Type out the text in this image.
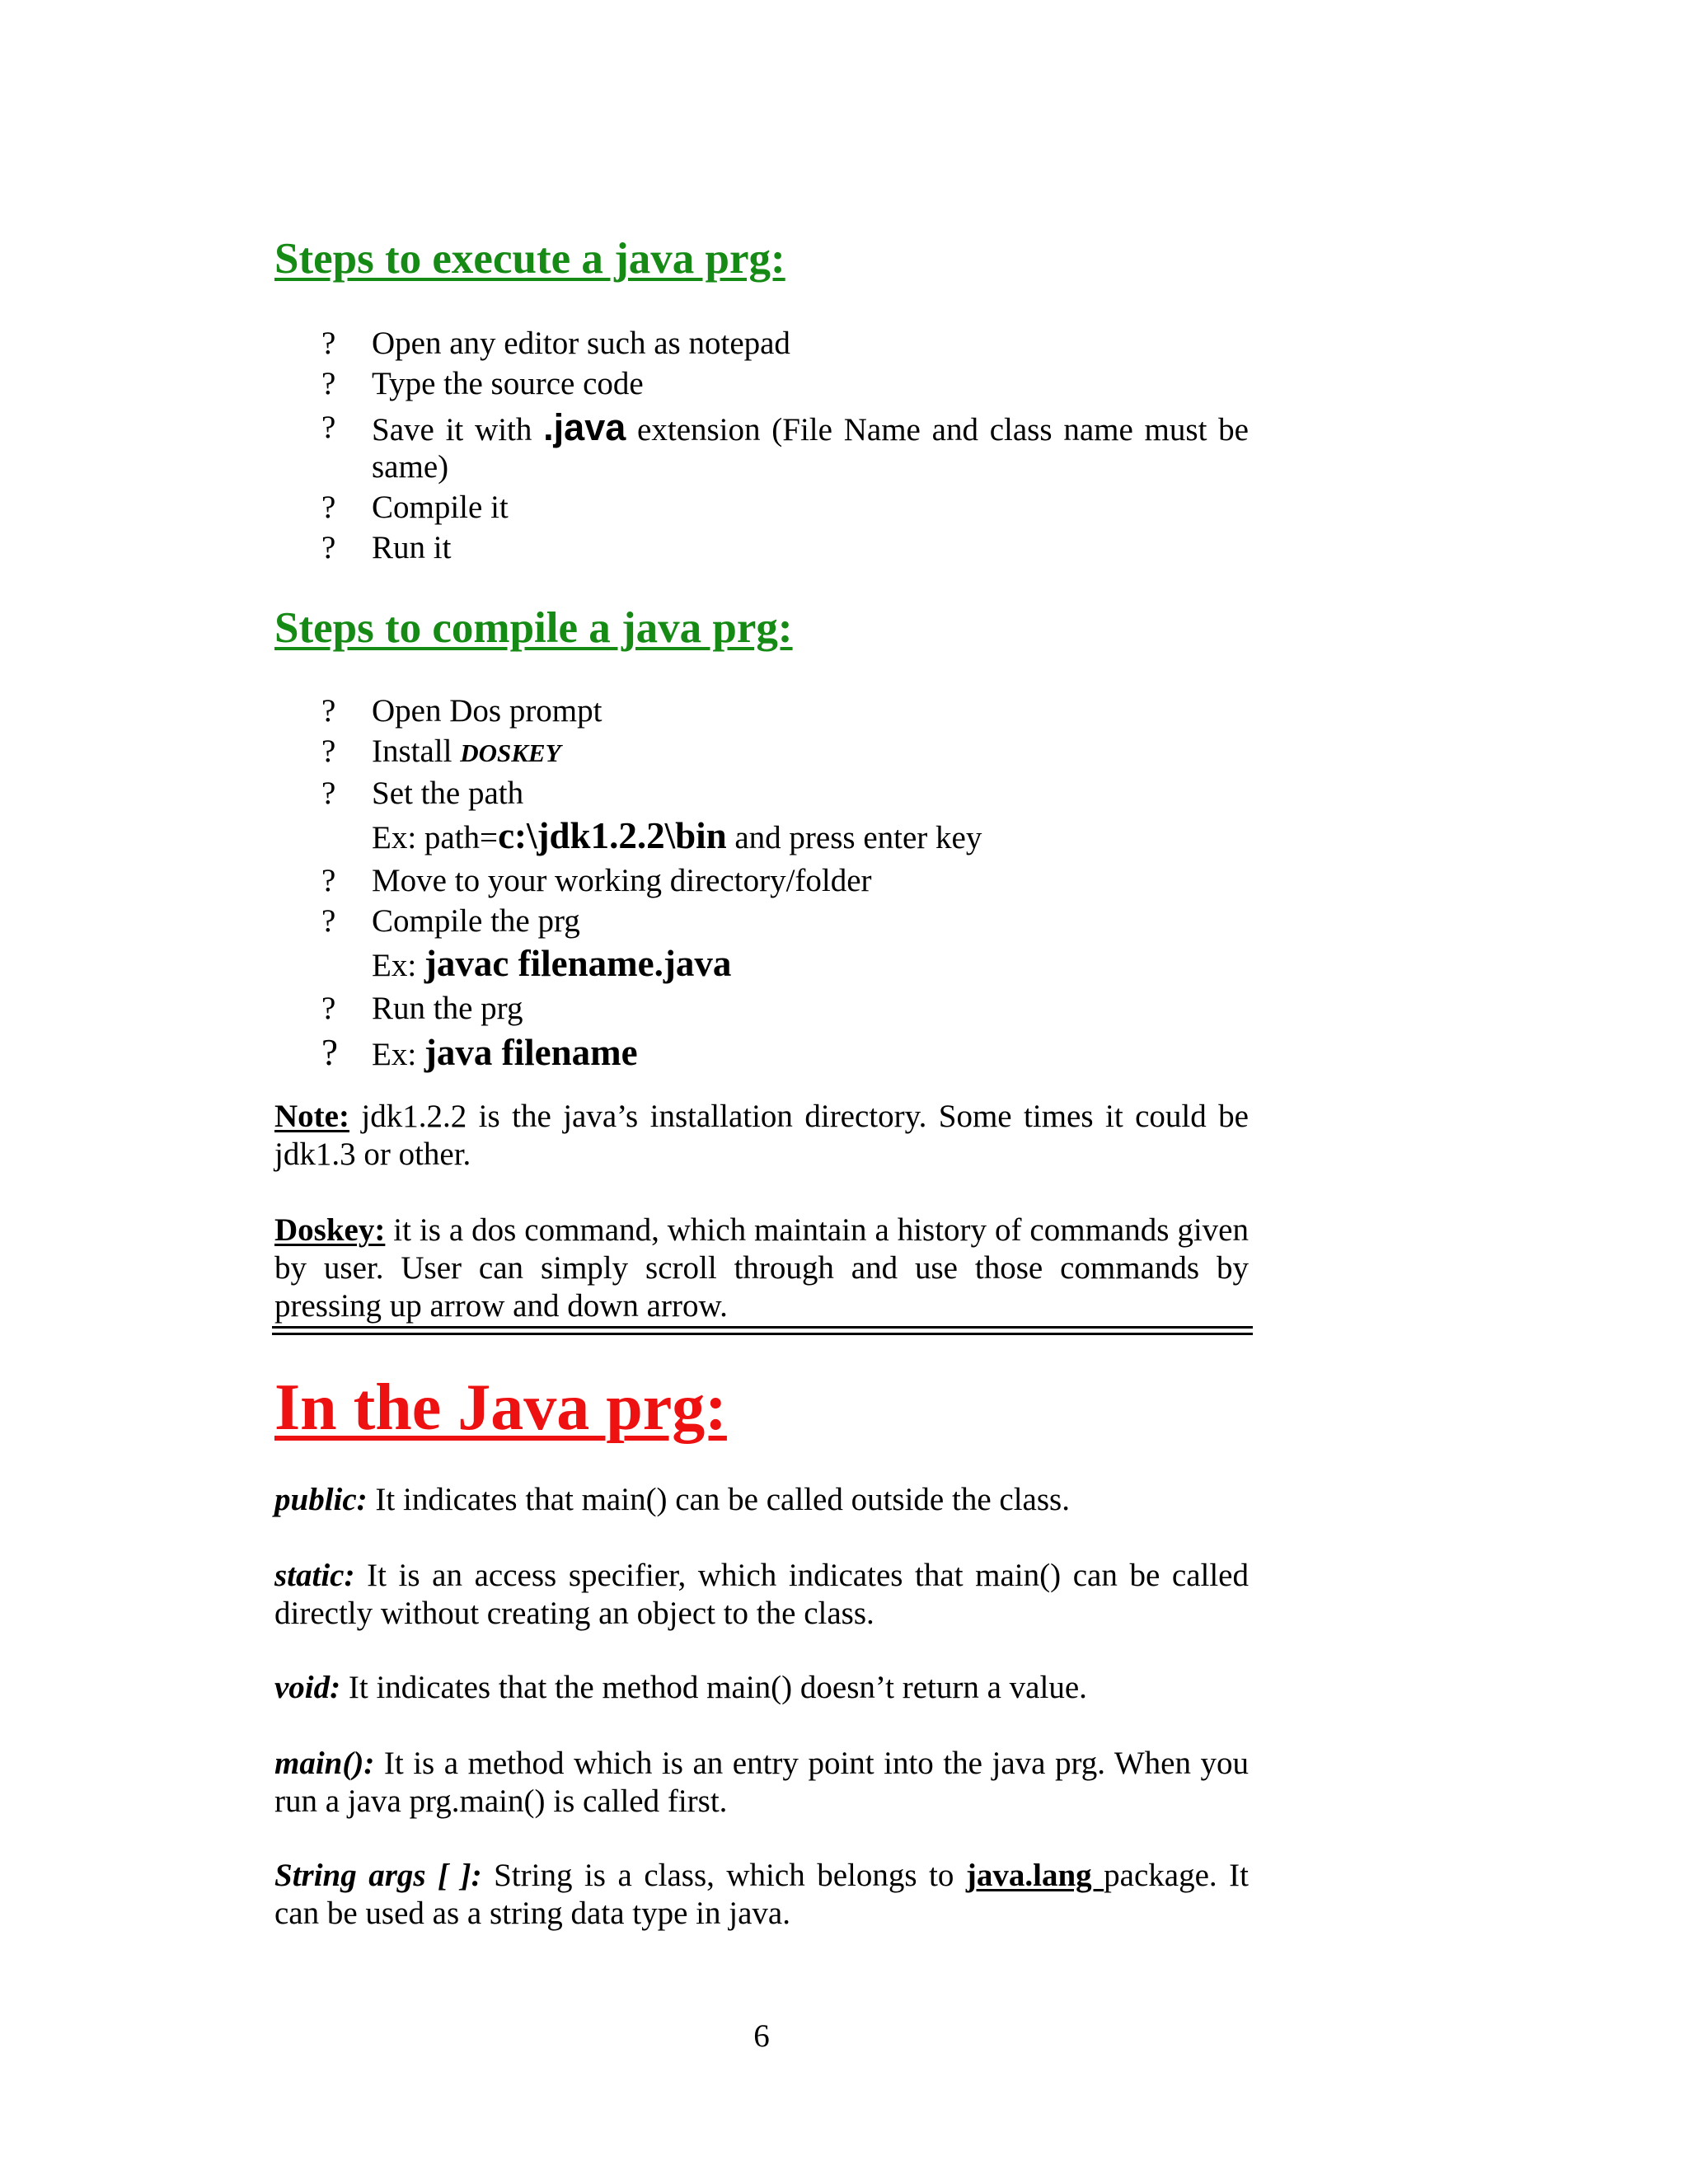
Steps to execute a java prg:
? Open any editor such as notepad
? Type the source code
? Save it with .java extension (File Name and class name must be
same)
? Compile it
? Run it
Steps to compile a java prg:
? Open Dos prompt
? Install DOSKEY
? Set the path
Ex: path=c:\jdk1.2.2\bin and press enter key
? Move to your working directory/folder
? Compile the prg
Ex: javac filename.java
? Run the prg
? Ex: java filename
Note: jdk1.2.2 is the java’s installation directory. Some times it could be jdk1.3 or other.
Doskey: it is a dos command, which maintain a history of commands given by user. User can simply scroll through and use those commands by pressing up arrow and down arrow.
In the Java prg:
public: It indicates that main() can be called outside the class.
static: It is an access specifier, which indicates that main() can be called directly without creating an object to the class.
void: It indicates that the method main() doesn’t return a value.
main(): It is a method which is an entry point into the java prg. When you run a java prg.main() is called first.
String args [ ]: String is a class, which belongs to java.lang package. It can be used as a string data type in java.
6
